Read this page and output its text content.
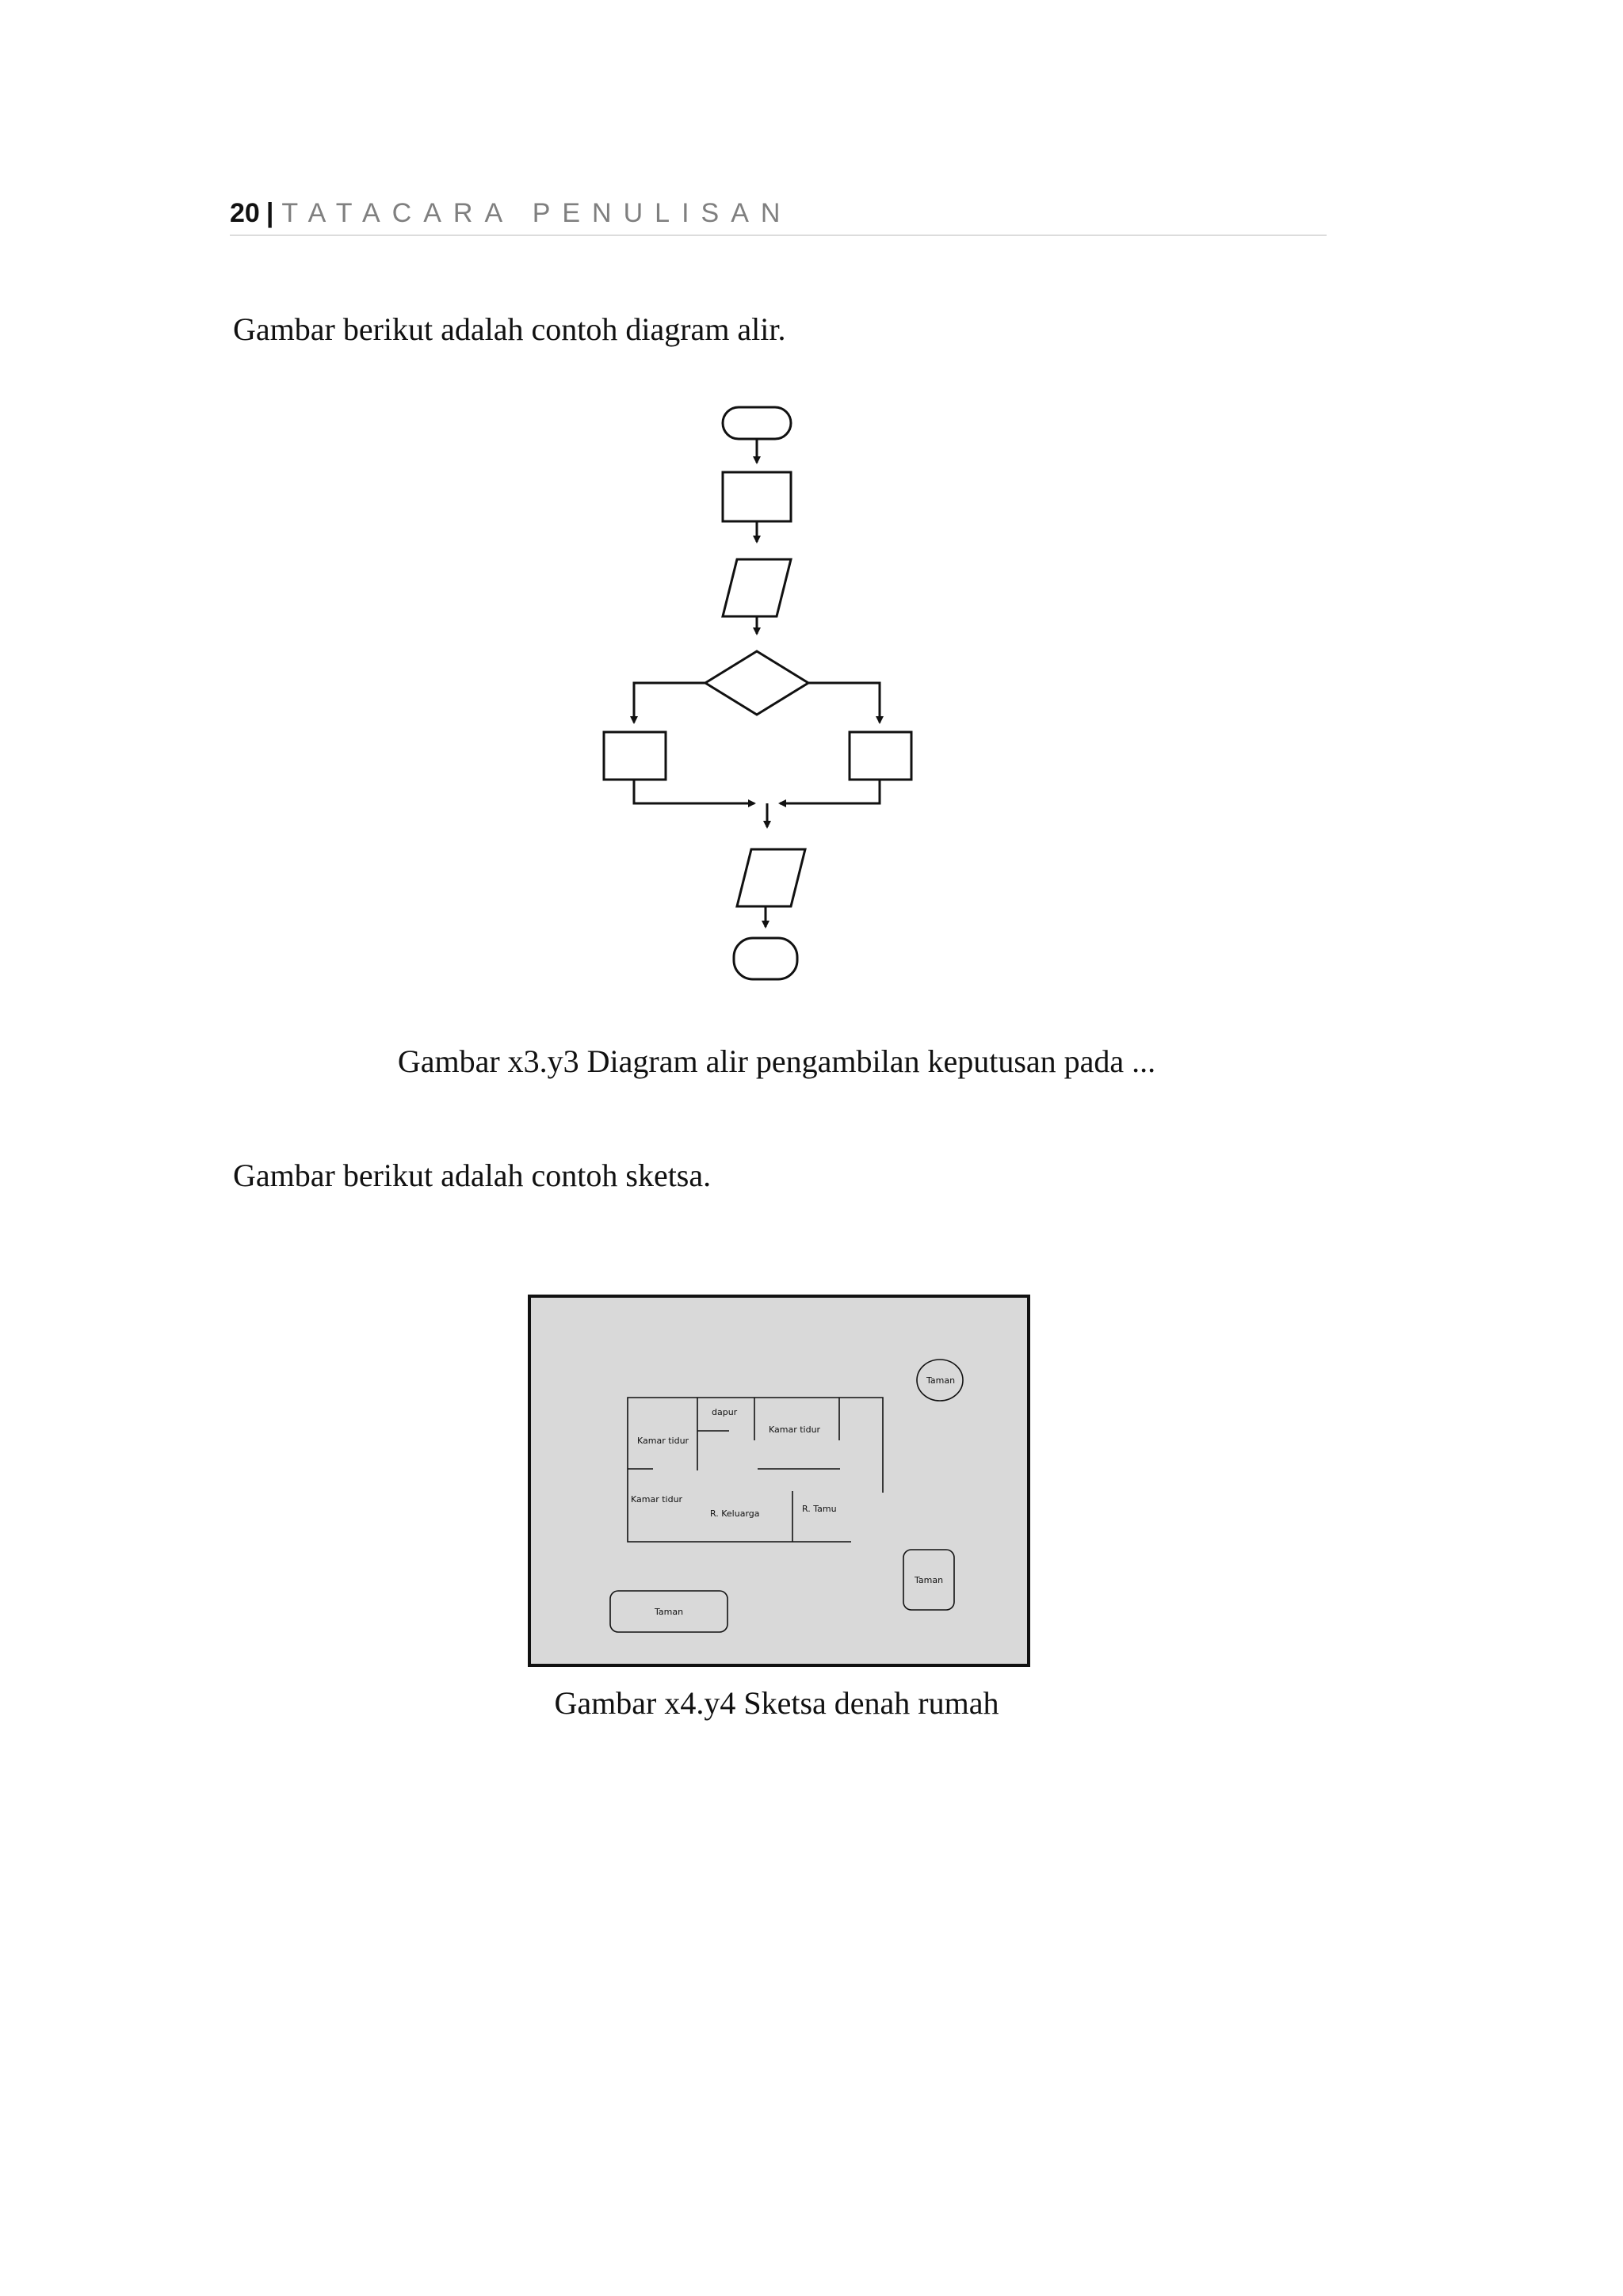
20 | TATACARA PENULISAN

Gambar berikut adalah contoh diagram alir.

Gambar x3.y3 Diagram alir pengambilan keputusan pada ...

Gambar berikut adalah contoh sketsa.

Kamar tidur
dapur
Kamar tidur
Kamar tidur
R. Keluarga	R. Tamu
Taman
Taman
Taman

Gambar x4.y4 Sketsa denah rumah
